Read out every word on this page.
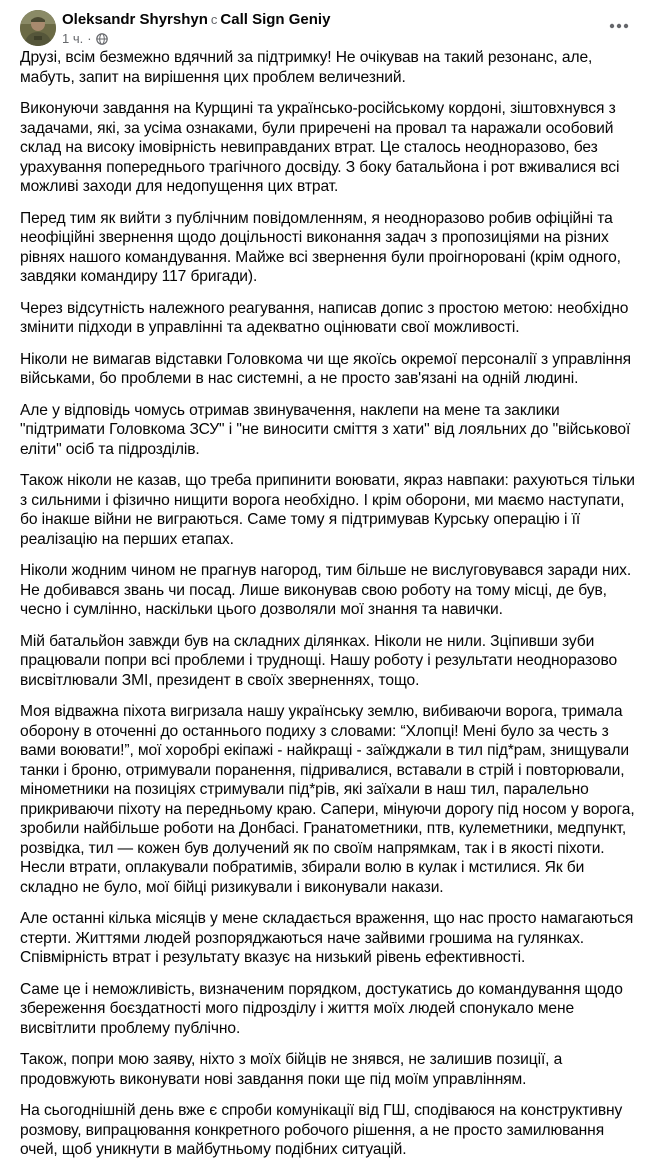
Oleksandr Shyrshyn с Call Sign Geniy
1 ч. ·

Друзі, всім безмежно вдячний за підтримку! Не очікував на такий резонанс, але, мабуть, запит на вирішення цих проблем величезний.

Виконуючи завдання на Курщині та українсько-російському кордоні, зіштовхнувся з задачами, які, за усіма ознаками, були приречені на провал та наражали особовий склад на високу імовірність невиправданих втрат. Це сталось неодноразово, без урахування попереднього трагічного досвіду. З боку батальйона і рот вживалися всі можливі заходи для недопущення цих втрат.

Перед тим як вийти з публічним повідомленням, я неодноразово робив офіційні та неофіційні звернення щодо доцільності виконання задач з пропозиціями на різних рівнях нашого командування. Майже всі звернення були проігноровані (крім одного, завдяки командиру 117 бригади).

Через відсутність належного реагування, написав допис з простою метою: необхідно змінити підходи в управлінні та адекватно оцінювати свої можливості.

Ніколи не вимагав відставки Головкома чи ще якоїсь окремої персоналії з управління військами, бо проблеми в нас системні, а не просто зав'язані на одній людині.

Але у відповідь чомусь отримав звинувачення, наклепи на мене та заклики "підтримати Головкома ЗСУ" і "не виносити сміття з хати" від лояльних до "військової еліти" осіб та підрозділів.

Також ніколи не казав, що треба припинити воювати, якраз навпаки: рахуються тільки з сильними і фізично нищити ворога необхідно. І крім оборони, ми маємо наступати, бо інакше війни не виграються. Саме тому я підтримував Курську операцію і її реалізацію на перших етапах.

Ніколи жодним чином не прагнув нагород, тим більше не вислуговувався заради них. Не добивався звань чи посад. Лише виконував свою роботу на тому місці, де був, чесно і сумлінно, наскільки цього дозволяли мої знання та навички.

Мій батальйон завжди був на складних ділянках. Ніколи не нили. Зціпивши зуби працювали попри всі проблеми і труднощі. Нашу роботу і результати неодноразово висвітлювали ЗМІ, президент в своїх зверненнях, тощо.

Моя відважна піхота вигризала нашу українську землю, вибиваючи ворога, тримала оборону в оточенні до останнього подиху з словами: “Хлопці! Мені було за честь з вами воювати!”, мої хоробрі екіпажі - найкращі - заїжджали в тил під*рам, знищували танки і броню, отримували поранення, підривалися, вставали в стрій і повторювали, мінометники на позиціях стримували під*рів, які заїхали в наш тил, паралельно прикриваючи піхоту на передньому краю. Сапери, мінуючи дорогу під носом у ворога, зробили найбільше роботи на Донбасі. Гранатометники, птв, кулеметники, медпункт, розвідка, тил — кожен був долучений як по своїм напрямкам, так і в якості піхоти. Несли втрати, оплакували побратимів, збирали волю в кулак і мстилися. Як би складно не було, мої бійці ризикували і виконували накази.

Але останні кілька місяців у мене складається враження, що нас просто намагаються стерти. Життями людей розпоряджаються наче зайвими грошима на гулянках. Співмірність втрат і результату вказує на низький рівень ефективності.

Саме це і неможливість, визначеним порядком, достукатись до командування щодо збереження боєздатності мого підрозділу і життя моїх людей спонукало мене висвітлити проблему публічно.

Також, попри мою заяву, ніхто з моїх бійців не знявся, не залишив позиції, а продовжують виконувати нові завдання поки ще під моїм управлінням.

На сьогоднішній день вже є спроби комунікації від ГШ, сподіваюся на конструктивну розмову, випрацювання конкретного робочого рішення, а не просто замилювання очей, щоб уникнути в майбутньому подібних ситуацій.
